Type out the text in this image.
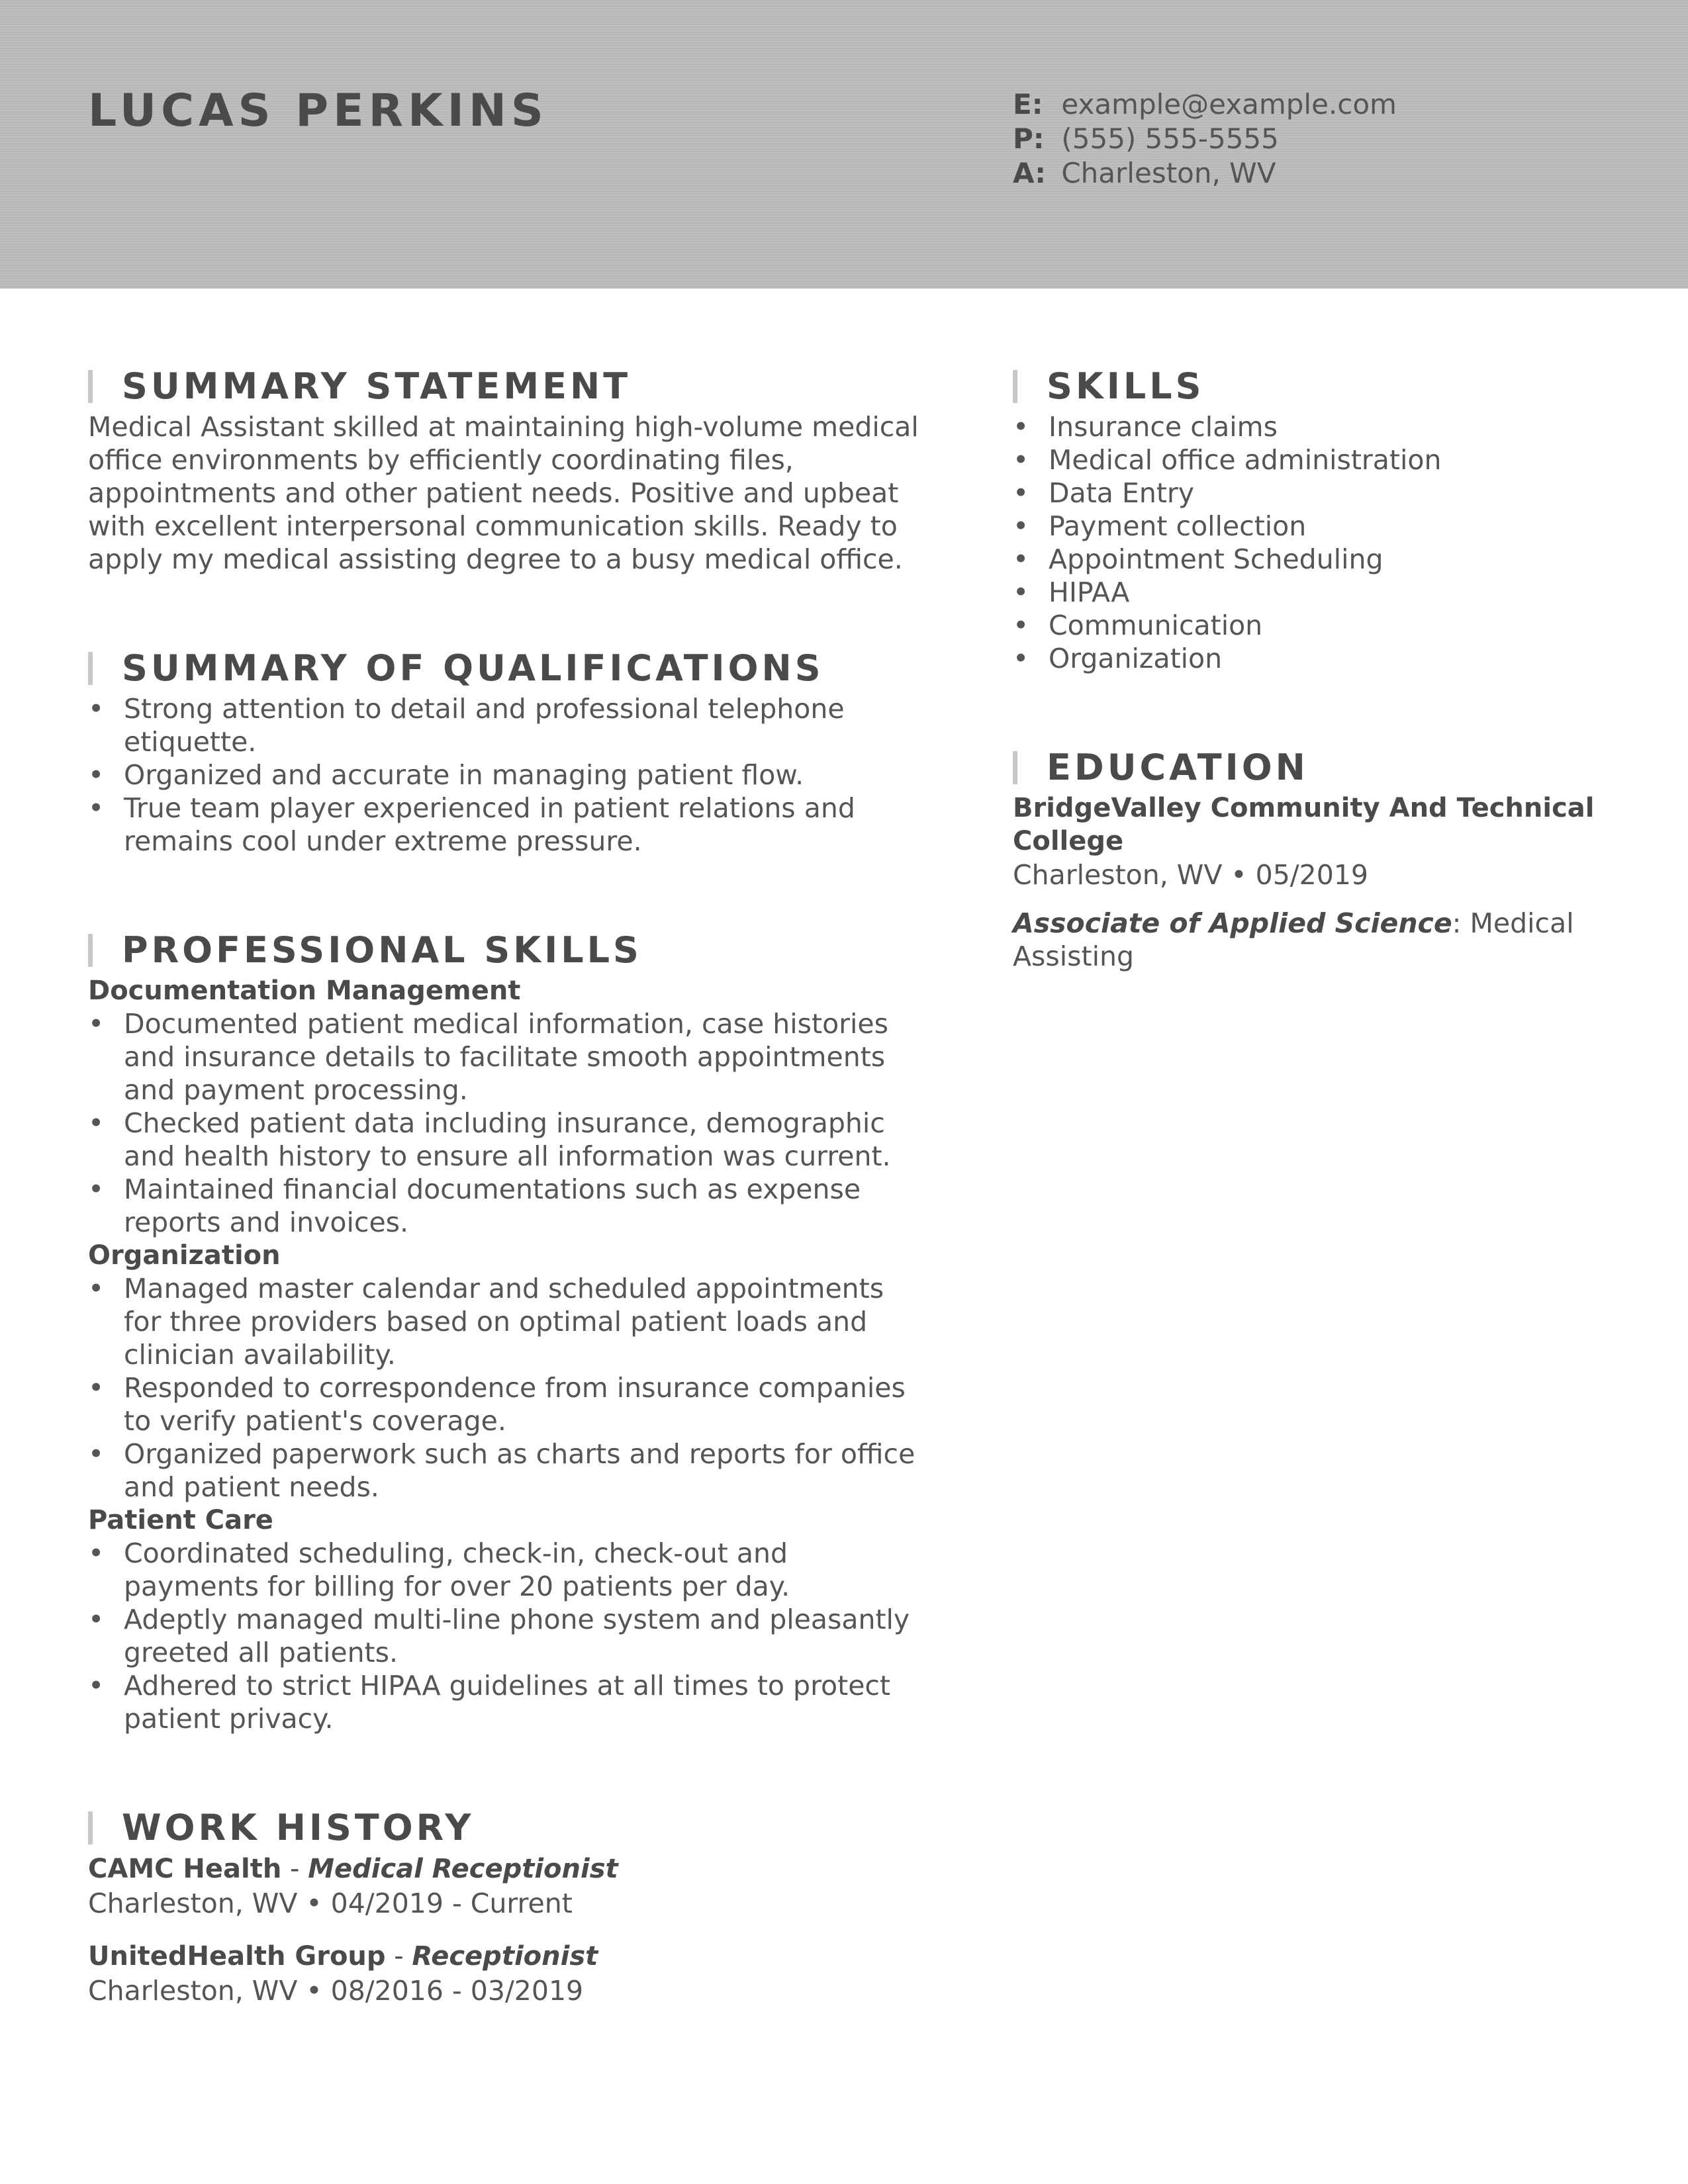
LUCAS PERKINS	E: example@example.com
P: (555) 555-5555
A: Charleston, WV
SUMMARY STATEMENT

Medical Assistant skilled at maintaining high-volume medical office environments by efficiently coordinating files, appointments and other patient needs. Positive and upbeat with excellent interpersonal communication skills. Ready to apply my medical assisting degree to a busy medical office.

SUMMARY OF QUALIFICATIONS
• Strong attention to detail and professional telephone etiquette.
• Organized and accurate in managing patient flow.
• True team player experienced in patient relations and remains cool under extreme pressure.
PROFESSIONAL SKILLS
Documentation Management
• Documented patient medical information, case histories and insurance details to facilitate smooth appointments and payment processing.
• Checked patient data including insurance, demographic and health history to ensure all information was current.
• Maintained financial documentations such as expense reports and invoices.
Organization
• Managed master calendar and scheduled appointments for three providers based on optimal patient loads and clinician availability.
• Responded to correspondence from insurance companies to verify patient's coverage.
• Organized paperwork such as charts and reports for office and patient needs.
Patient Care
• Coordinated scheduling, check-in, check-out and payments for billing for over 20 patients per day.
• Adeptly managed multi-line phone system and pleasantly greeted all patients.
• Adhered to strict HIPAA guidelines at all times to protect patient privacy.
WORK HISTORY
CAMC Health - Medical Receptionist
Charleston, WV • 04/2019 - Current
UnitedHealth Group - Receptionist
Charleston, WV • 08/2016 - 03/2019
SKILLS
• Insurance claims
• Medical office administration
• Data Entry
• Payment collection
• Appointment Scheduling
• HIPAA
• Communication
• Organization
EDUCATION
BridgeValley Community And Technical College
Charleston, WV • 05/2019
Associate of Applied Science: Medical Assisting
